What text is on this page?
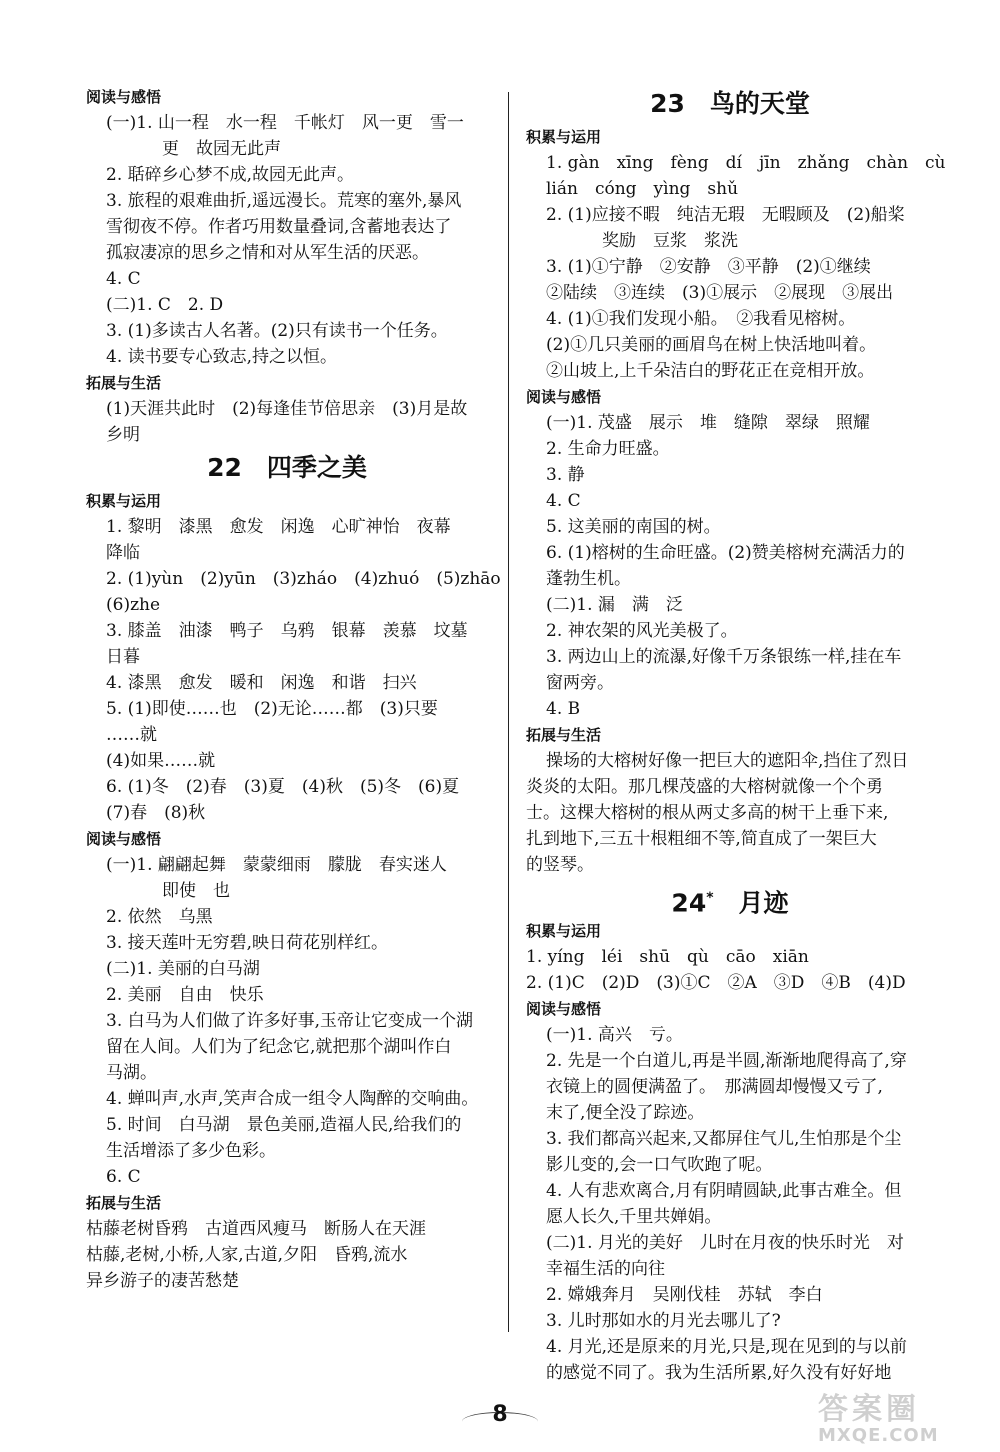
阅读与感悟
(一)1. 山一程　水一程　千帐灯　风一更　雪一
更　故园无此声
2. 聒碎乡心梦不成,故园无此声。
3. 旅程的艰难曲折,遥远漫长。荒寒的塞外,暴风
雪彻夜不停。作者巧用数量叠词,含蓄地表达了
孤寂凄凉的思乡之情和对从军生活的厌恶。
4. C
(二)1. C　2. D
3. (1)多读古人名著。(2)只有读书一个任务。
4. 读书要专心致志,持之以恒。
拓展与生活
(1)天涯共此时　(2)每逢佳节倍思亲　(3)月是故
乡明
22　四季之美
积累与运用
1. 黎明　漆黑　愈发　闲逸　心旷神怡　夜幕
降临
2. (1)yùn　(2)yūn　(3)zháo　(4)zhuó　(5)zhāo
(6)zhe
3. 膝盖　油漆　鸭子　乌鸦　银幕　羡慕　坟墓
日暮
4. 漆黑　愈发　暖和　闲逸　和谐　扫兴
5. (1)即使……也　(2)无论……都　(3)只要
……就
(4)如果……就
6. (1)冬　(2)春　(3)夏　(4)秋　(5)冬　(6)夏
(7)春　(8)秋
阅读与感悟
(一)1. 翩翩起舞　蒙蒙细雨　朦胧　春实迷人
即使　也
2. 依然　乌黑
3. 接天莲叶无穷碧,映日荷花别样红。
(二)1. 美丽的白马湖
2. 美丽　自由　快乐
3. 白马为人们做了许多好事,玉帝让它变成一个湖
留在人间。人们为了纪念它,就把那个湖叫作白
马湖。
4. 蝉叫声,水声,笑声合成一组令人陶醉的交响曲。
5. 时间　白马湖　景色美丽,造福人民,给我们的
生活增添了多少色彩。
6. C
拓展与生活
枯藤老树昏鸦　古道西风瘦马　断肠人在天涯
枯藤,老树,小桥,人家,古道,夕阳　昏鸦,流水
异乡游子的凄苦愁楚
23　鸟的天堂
积累与运用
1. gàn　xīng　fèng　dí　jīn　zhǎng　chàn　cù
lián　cóng　yìng　shǔ
2. (1)应接不暇　纯洁无瑕　无暇顾及　(2)船桨
奖励　豆浆　浆洗
3. (1)①宁静　②安静　③平静　(2)①继续
②陆续　③连续　(3)①展示　②展现　③展出
4. (1)①我们发现小船。　②我看见榕树。
(2)①几只美丽的画眉鸟在树上快活地叫着。
②山坡上,上千朵洁白的野花正在竞相开放。
阅读与感悟
(一)1. 茂盛　展示　堆　缝隙　翠绿　照耀
2. 生命力旺盛。
3. 静
4. C
5. 这美丽的南国的树。
6. (1)榕树的生命旺盛。(2)赞美榕树充满活力的
蓬勃生机。
(二)1. 漏　满　泛
2. 神农架的风光美极了。
3. 两边山上的流瀑,好像千万条银练一样,挂在车
窗两旁。
4. B
拓展与生活
操场的大榕树好像一把巨大的遮阳伞,挡住了烈日
炎炎的太阳。那几棵茂盛的大榕树就像一个个勇
士。这棵大榕树的根从两丈多高的树干上垂下来,
扎到地下,三五十根粗细不等,简直成了一架巨大
的竖琴。
24*　月迹
积累与运用
1. yíng　léi　shū　qù　cāo　xiān
2. (1)C　(2)D　(3)①C　②A　③D　④B　(4)D
阅读与感悟
(一)1. 高兴　亏。
2. 先是一个白道儿,再是半圆,渐渐地爬得高了,穿
衣镜上的圆便满盈了。　那满圆却慢慢又亏了,
末了,便全没了踪迹。
3. 我们都高兴起来,又都屏住气儿,生怕那是个尘
影儿变的,会一口气吹跑了呢。
4. 人有悲欢离合,月有阴晴圆缺,此事古难全。但
愿人长久,千里共婵娟。
(二)1. 月光的美好　儿时在月夜的快乐时光　对
幸福生活的向往
2. 嫦娥奔月　吴刚伐桂　苏轼　李白
3. 儿时那如水的月光去哪儿了?
4. 月光,还是原来的月光,只是,现在见到的与以前
的感觉不同了。我为生活所累,好久没有好好地
8	答案圈
MXQE.COM
